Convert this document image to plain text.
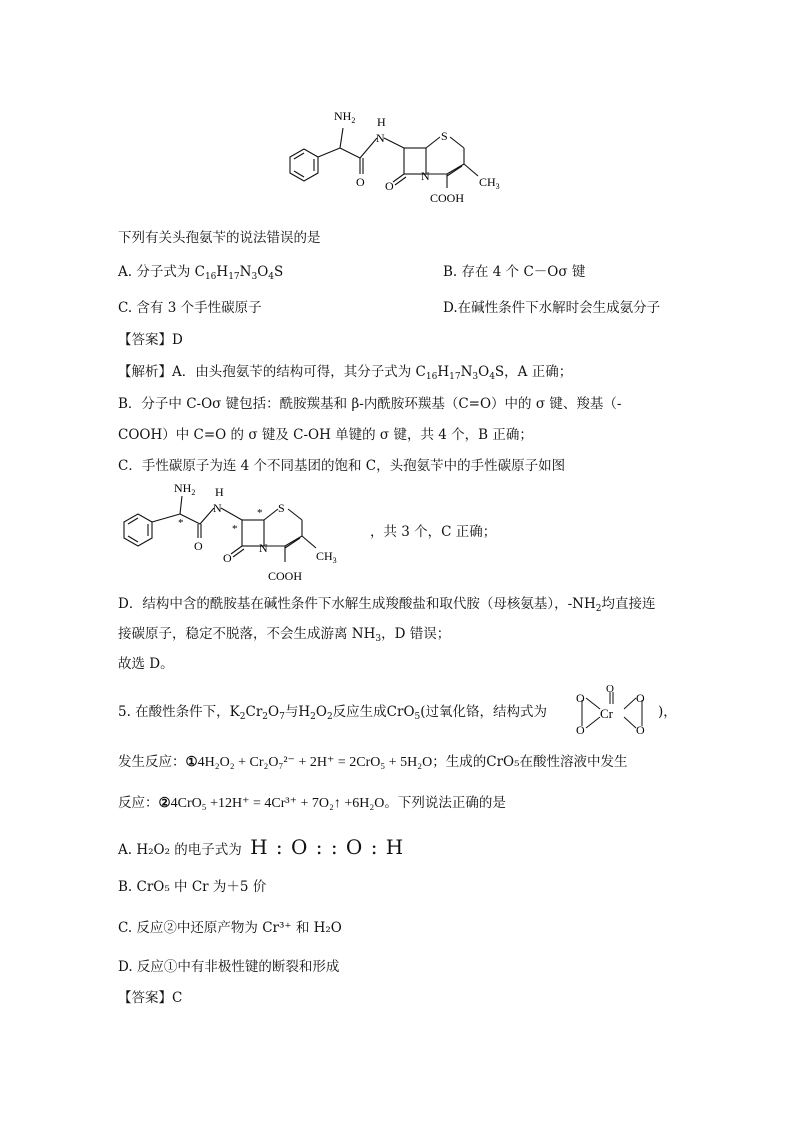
$NH_2$ H
N	S
O O
N	$CH_3$
COOH
下列有关头孢氨苄的说法错误的是
A. 分子式为 $C_{16}H_{17}N_3O_4S$	B. 存在 4 个 C－Oσ 键
C. 含有 3 个手性碳原子	D.在碱性条件下水解时会生成氨分子
【答案】D
【解析】A．由头孢氨苄的结构可得，其分子式为 $C_{16}H_{17}N_3O_4S$，A 正确；
B．分子中 C-Oσ 键包括：酰胺羰基和 β-内酰胺环羰基（C=O）中的 σ 键、羧基（-
COOH）中 C=O 的 σ 键及 C-OH 单键的 σ 键，共 4 个，B 正确；
C．手性碳原子为连 4 个不同基团的饱和 C，头孢氨苄中的手性碳原子如图
$NH_2$ H
N	S
O
O
N
$CH_3$
COOH
*	*
*
，共 3 个，C 正确；
D．结构中含的酰胺基在碱性条件下水解生成羧酸盐和取代胺（母核氨基），$-NH_2$均直接连
接碳原子，稳定不脱落，不会生成游离 $NH_3$，D 错误；
故选 D。
5. 在酸性条件下，$K_2Cr_2O_7$与$H_2O_2$反应生成CrO$_5$(过氧化铬，结构式为
O
O
O
Cr
O
O
)，
发生反应：①4H₂O₂ + Cr₂O₇²⁻ + 2H⁺ = 2CrO₅ + 5H₂O；生成的CrO₅在酸性溶液中发生
反应：②4CrO₅ +12H⁺ = 4Cr³⁺ + 7O₂↑ +6H₂O。下列说法正确的是
A. H₂O₂ 的电子式为 H : O : : O : H
B. CrO₅ 中 Cr 为＋5 价
C. 反应②中还原产物为 Cr³⁺ 和 H₂O
D. 反应①中有非极性键的断裂和形成
【答案】C
